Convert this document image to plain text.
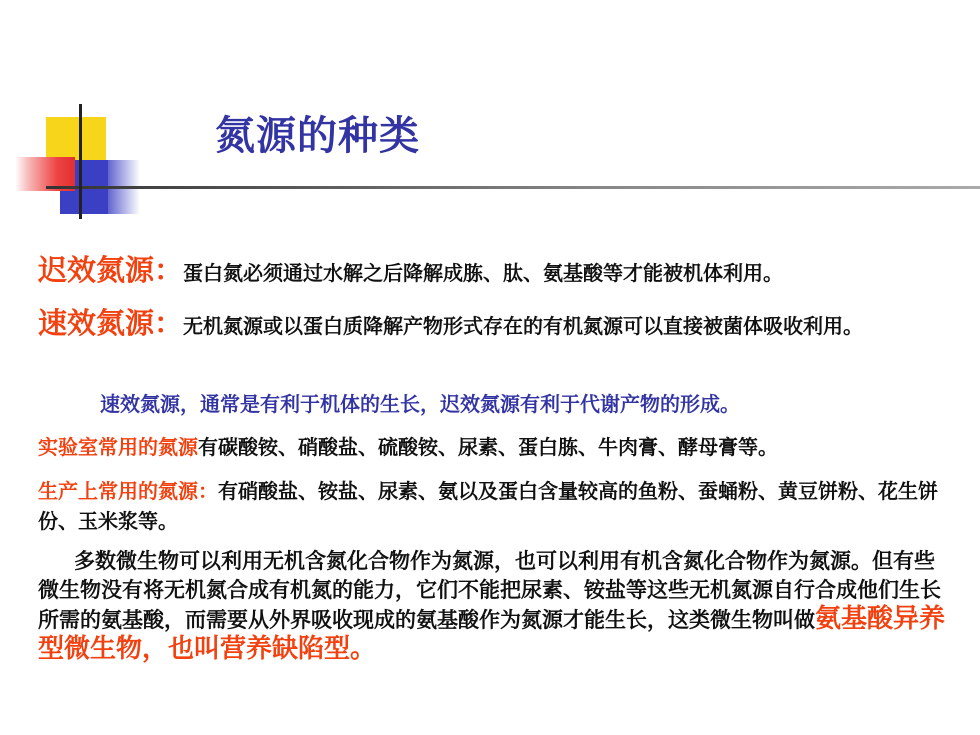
氮源的种类
迟效氮源：蛋白氮必须通过水解之后降解成胨、肽、氨基酸等才能被机体利用。
速效氮源：无机氮源或以蛋白质降解产物形式存在的有机氮源可以直接被菌体吸收利用。
速效氮源，通常是有利于机体的生长，迟效氮源有利于代谢产物的形成。
实验室常用的氮源有碳酸铵、硝酸盐、硫酸铵、尿素、蛋白胨、牛肉膏、酵母膏等。
生产上常用的氮源：有硝酸盐、铵盐、尿素、氨以及蛋白含量较高的鱼粉、蚕蛹粉、黄豆饼粉、花生饼份、玉米浆等。
多数微生物可以利用无机含氮化合物作为氮源，也可以利用有机含氮化合物作为氮源。但有些微生物没有将无机氮合成有机氮的能力，它们不能把尿素、铵盐等这些无机氮源自行合成他们生长所需的氨基酸，而需要从外界吸收现成的氨基酸作为氮源才能生长，这类微生物叫做氨基酸异养型微生物，也叫营养缺陷型。
